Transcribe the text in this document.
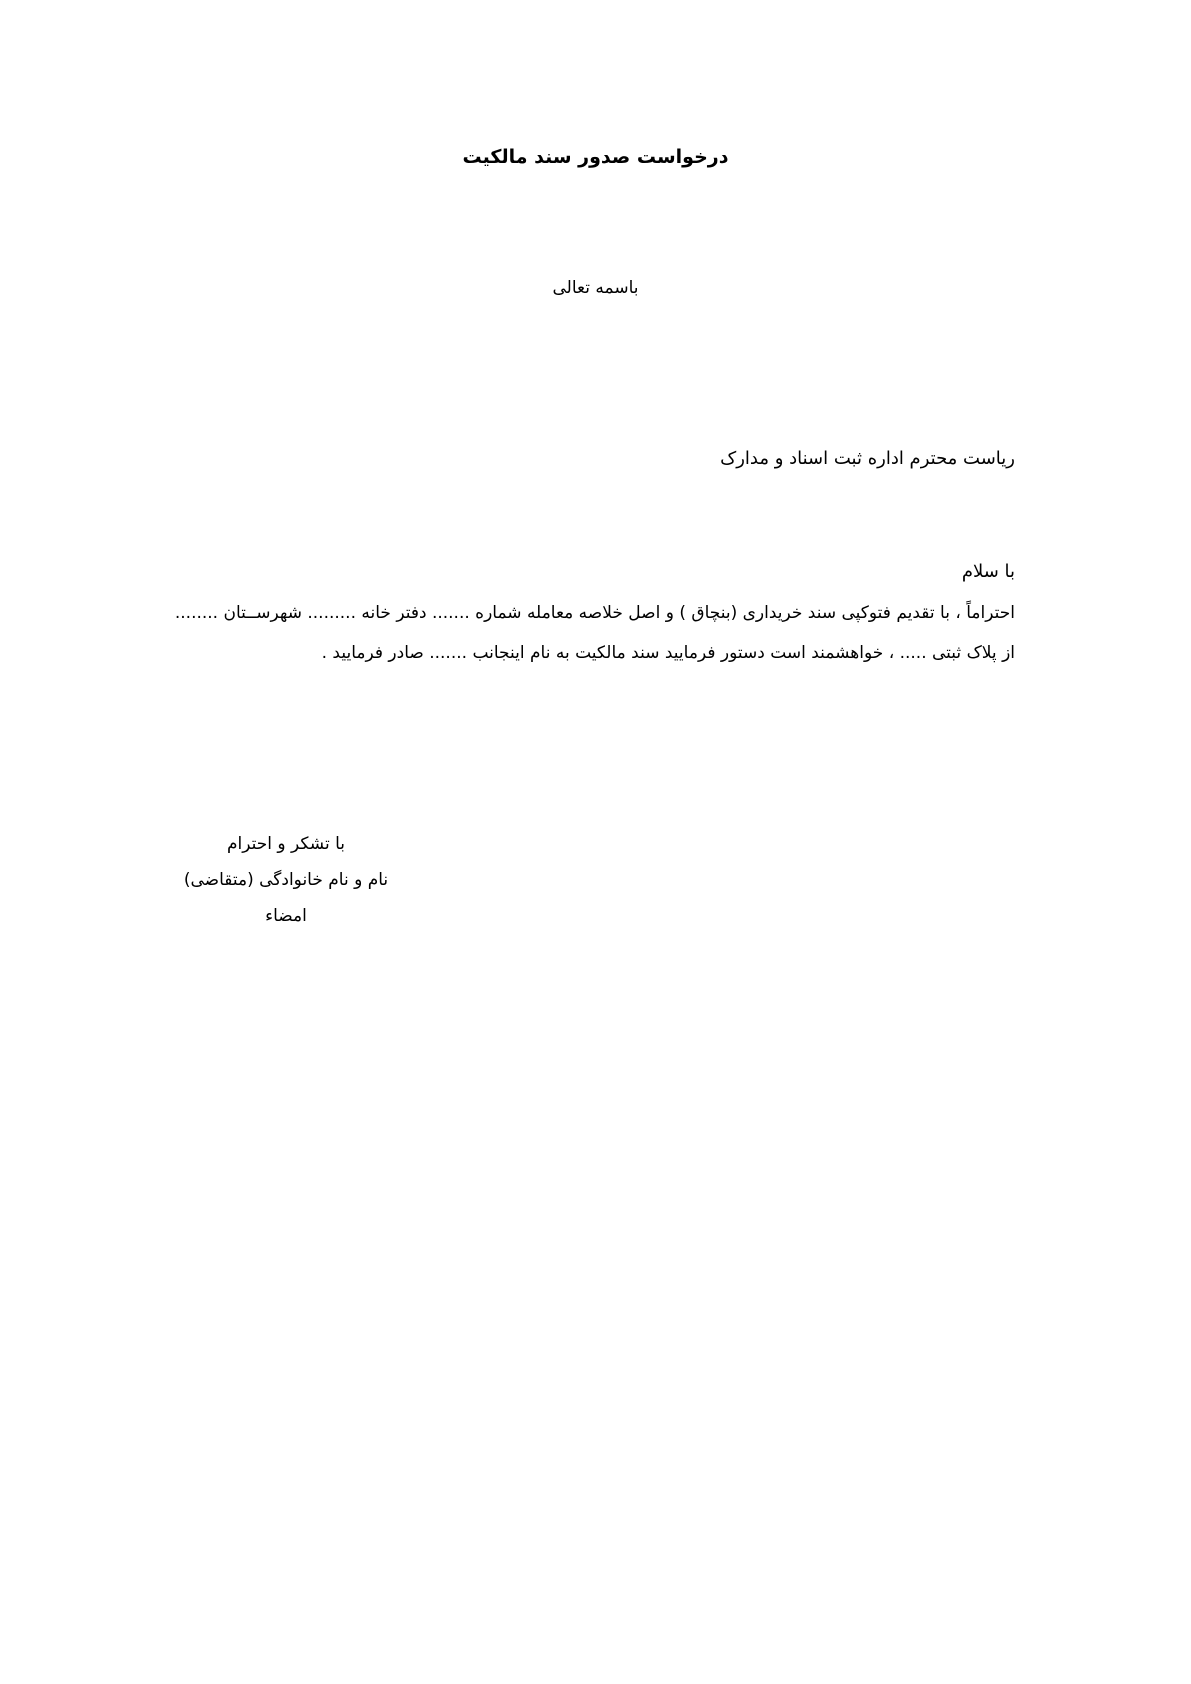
درخواست صدور سند مالکیت
باسمه تعالی
ریاست محترم اداره ثبت اسناد و مدارک
با سلام
احتراماً ، با تقدیم فتوکپی سند خریداری (بنچاق ) و اصل خلاصه معامله شماره ....... دفتر خانه ......... شهرســتان ........
از پلاک ثبتی ..... ، خواهشمند است دستور فرمایید سند مالکیت به نام اینجانب ....... صادر فرمایید .
با تشکر و احترام
نام و نام خانوادگی (متقاضی)
امضاء
